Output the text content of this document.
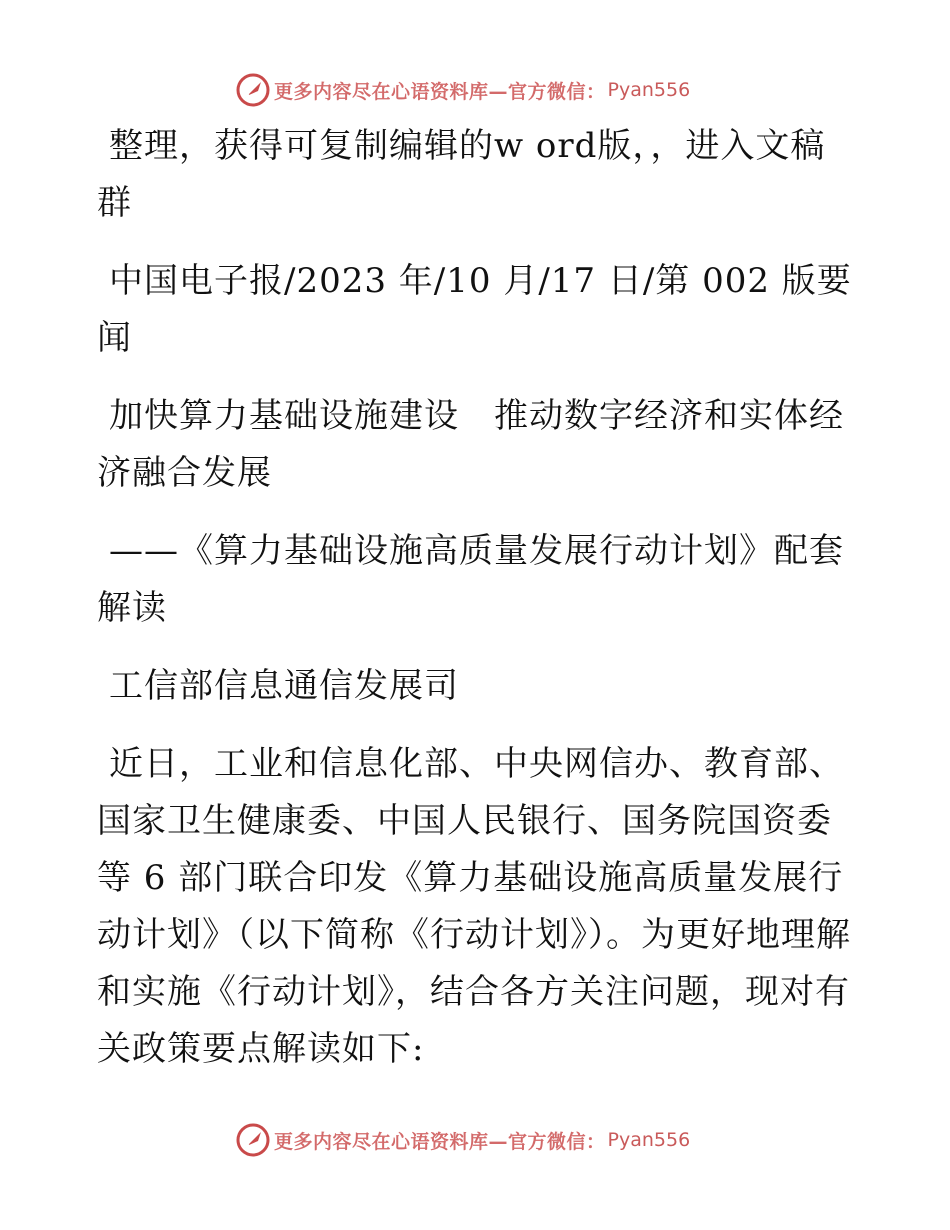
更多内容尽在心语资料库—官方微信： Pyan556

整理，获得可复制编辑的w ord版，，进入文稿群

中国电子报/2023 年/10 月/17 日/第 002 版要闻

加快算力基础设施建设　推动数字经济和实体经济融合发展

——《算力基础设施高质量发展行动计划》配套解读

工信部信息通信发展司

近日，工业和信息化部、中央网信办、教育部、国家卫生健康委、中国人民银行、国务院国资委等 6 部门联合印发《算力基础设施高质量发展行动计划》（以下简称《行动计划》）。为更好地理解和实施《行动计划》，结合各方关注问题，现对有关政策要点解读如下:

更多内容尽在心语资料库—官方微信： Pyan556
